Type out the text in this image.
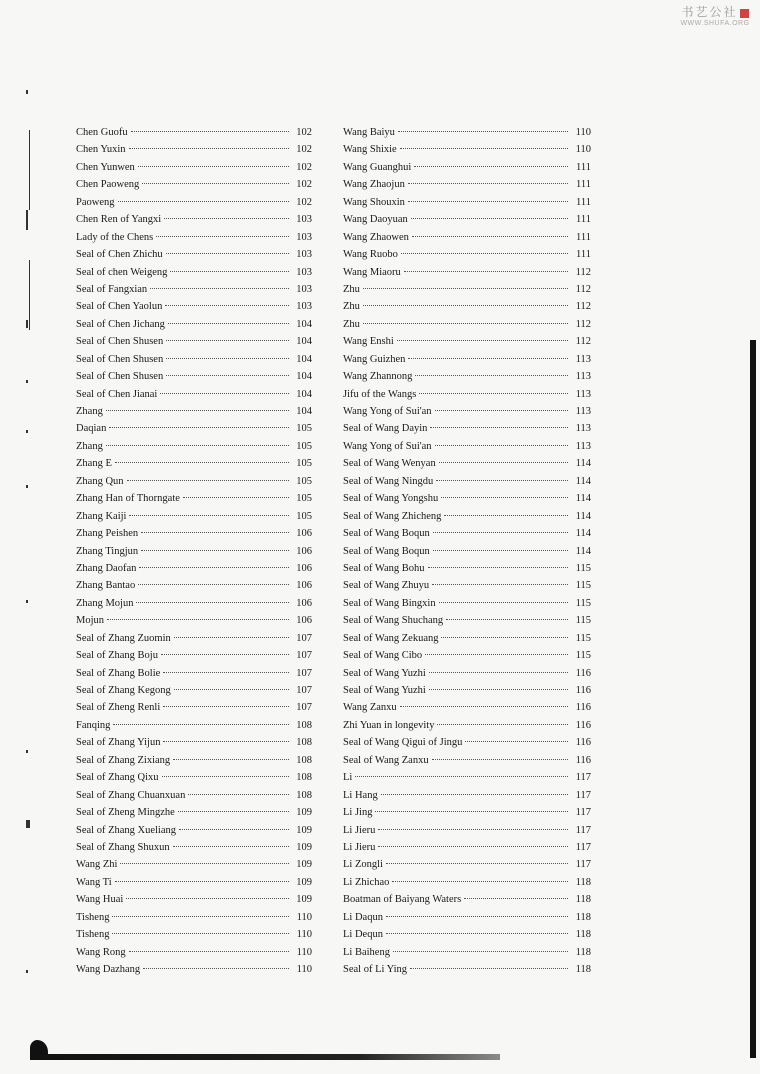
书艺公社
WWW.SHUFA.ORG
Chen Guofu	102
Chen Yuxin	102
Chen Yunwen	102
Chen Paoweng	102
Paoweng	102
Chen Ren of Yangxi	103
Lady of the Chens	103
Seal of Chen Zhichu	103
Seal of chen Weigeng	103
Seal of Fangxian	103
Seal of Chen Yaolun	103
Seal of Chen Jichang	104
Seal of Chen Shusen	104
Seal of Chen Shusen	104
Seal of Chen Shusen	104
Seal of Chen Jianai	104
Zhang	104
Daqian	105
Zhang	105
Zhang E	105
Zhang Qun	105
Zhang Han of Thorngate	105
Zhang Kaiji	105
Zhang Peishen	106
Zhang Tingjun	106
Zhang Daofan	106
Zhang Bantao	106
Zhang Mojun	106
Mojun	106
Seal of Zhang Zuomin	107
Seal of Zhang Boju	107
Seal of Zhang Bolie	107
Seal of Zhang Kegong	107
Seal of Zheng Renli	107
Fanqing	108
Seal of Zhang Yijun	108
Seal of Zhang Zixiang	108
Seal of Zhang Qixu	108
Seal of Zhang Chuanxuan	108
Seal of Zheng Mingzhe	109
Seal of Zhang Xueliang	109
Seal of Zhang Shuxun	109
Wang Zhi	109
Wang Ti	109
Wang Huai	109
Tisheng	110
Tisheng	110
Wang Rong	110
Wang Dazhang	110
Wang Baiyu	110
Wang Shixie	110
Wang Guanghui	111
Wang Zhaojun	111
Wang Shouxin	111
Wang Daoyuan	111
Wang Zhaowen	111
Wang Ruobo	111
Wang Miaoru	112
Zhu	112
Zhu	112
Zhu	112
Wang Enshi	112
Wang Guizhen	113
Wang Zhannong	113
Jifu of the Wangs	113
Wang Yong of Sui'an	113
Seal of Wang Dayin	113
Wang Yong of Sui'an	113
Seal of Wang Wenyan	114
Seal of Wang Ningdu	114
Seal of Wang Yongshu	114
Seal of Wang Zhicheng	114
Seal of Wang Boqun	114
Seal of Wang Boqun	114
Seal of Wang Bohu	115
Seal of Wang Zhuyu	115
Seal of Wang Bingxin	115
Seal of Wang Shuchang	115
Seal of Wang Zekuang	115
Seal of Wang Cibo	115
Seal of Wang Yuzhi	116
Seal of Wang Yuzhi	116
Wang Zanxu	116
Zhi Yuan in longevity	116
Seal of Wang Qigui of Jingu	116
Seal of Wang Zanxu	116
Li	117
Li Hang	117
Li Jing	117
Li Jieru	117
Li Jieru	117
Li Zongli	117
Li Zhichao	118
Boatman of Baiyang Waters	118
Li Daqun	118
Li Dequn	118
Li Baiheng	118
Seal of Li Ying	118
